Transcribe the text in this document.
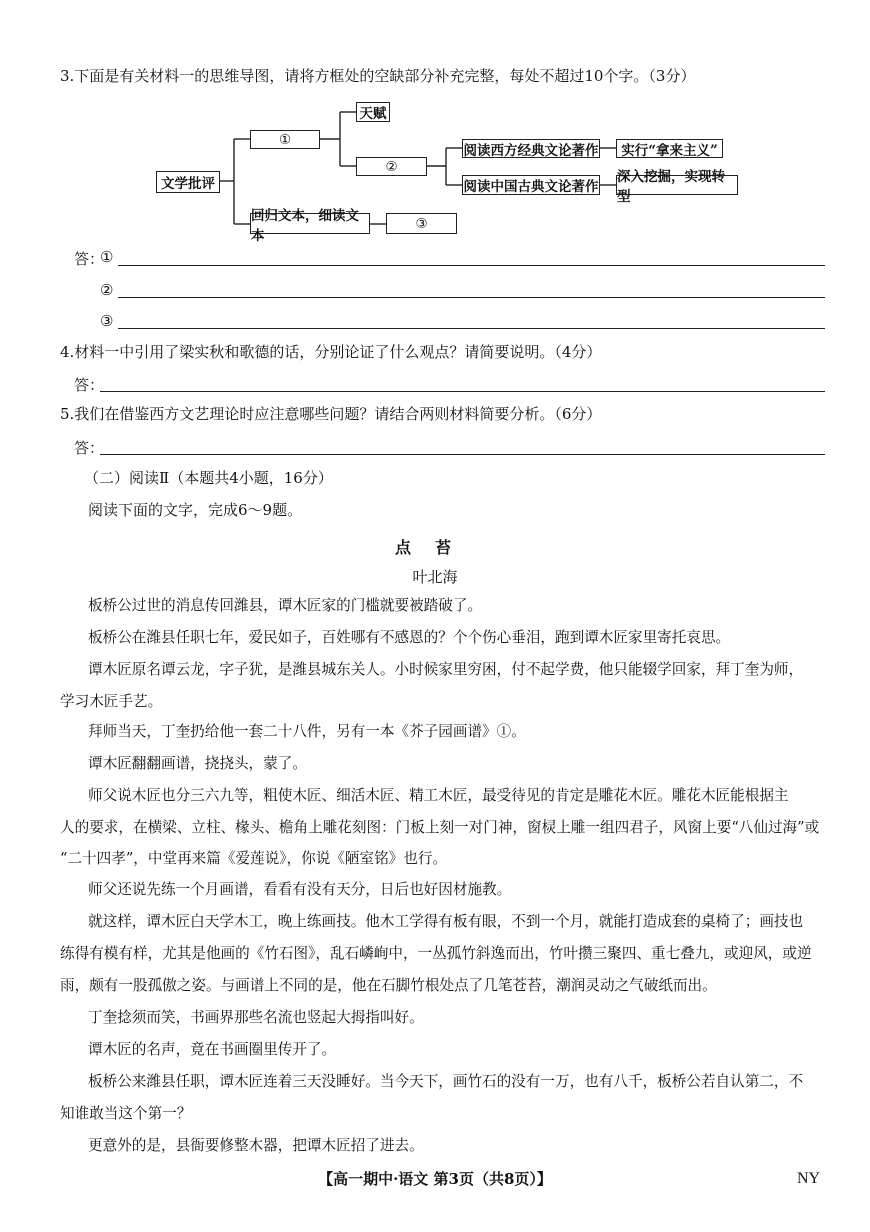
3.下面是有关材料一的思维导图，请将方框处的空缺部分补充完整，每处不超过10个字。（3分）
文学批评
①
天赋
②
阅读西方经典文论著作
阅读中国古典文论著作
实行“拿来主义”
深入挖掘，实现转型
回归文本，细读文本
③
答：
①
②
③
4.材料一中引用了梁实秋和歌德的话，分别论证了什么观点？请简要说明。（4分）
答：
5.我们在借鉴西方文艺理论时应注意哪些问题？请结合两则材料简要分析。（6分）
答：
（二）阅读Ⅱ（本题共4小题，16分）
阅读下面的文字，完成6～9题。
点苔
叶北海
板桥公过世的消息传回潍县，谭木匠家的门槛就要被踏破了。
板桥公在潍县任职七年，爱民如子，百姓哪有不感恩的？个个伤心垂泪，跑到谭木匠家里寄托哀思。
谭木匠原名谭云龙，字子犹，是潍县城东关人。小时候家里穷困，付不起学费，他只能辍学回家，拜丁奎为师，
学习木匠手艺。
拜师当天，丁奎扔给他一套二十八件，另有一本《芥子园画谱》①。
谭木匠翻翻画谱，挠挠头，蒙了。
师父说木匠也分三六九等，粗使木匠、细活木匠、精工木匠，最受待见的肯定是雕花木匠。雕花木匠能根据主
人的要求，在横梁、立柱、椽头、檐角上雕花刻图：门板上刻一对门神，窗棂上雕一组四君子，风窗上要“八仙过海”或
“二十四孝”，中堂再来篇《爱莲说》，你说《陋室铭》也行。
师父还说先练一个月画谱，看看有没有天分，日后也好因材施教。
就这样，谭木匠白天学木工，晚上练画技。他木工学得有板有眼，不到一个月，就能打造成套的桌椅了；画技也
练得有模有样，尤其是他画的《竹石图》，乱石嶙峋中，一丛孤竹斜逸而出，竹叶攒三聚四、重七叠九，或迎风，或逆
雨，颇有一股孤傲之姿。与画谱上不同的是，他在石脚竹根处点了几笔苍苔，潮润灵动之气破纸而出。
丁奎捻须而笑，书画界那些名流也竖起大拇指叫好。
谭木匠的名声，竟在书画圈里传开了。
板桥公来潍县任职，谭木匠连着三天没睡好。当今天下，画竹石的没有一万，也有八千，板桥公若自认第二，不
知谁敢当这个第一？
更意外的是，县衙要修整木器，把谭木匠招了进去。
【高一期中·语文 第3页（共8页）】	NY
